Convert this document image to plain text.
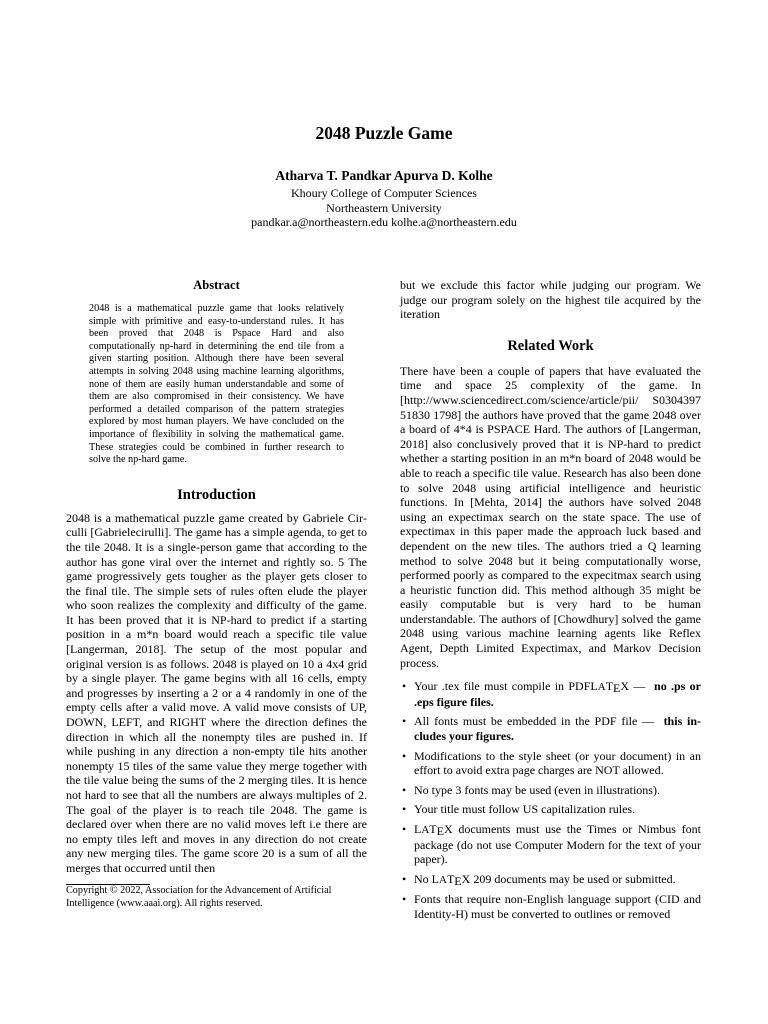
2048 Puzzle Game
Atharva T. Pandkar Apurva D. Kolhe
Khoury College of Computer Sciences
Northeastern University
pandkar.a@northeastern.edu kolhe.a@northeastern.edu
Abstract

2048 is a mathematical puzzle game that looks relatively simple with primitive and easy-to-understand rules. It has been proved that 2048 is Pspace Hard and also computationally np-hard in determining the end tile from a given starting position. Although there have been several attempts in solving 2048 using machine learning algorithms, none of them are easily human understandable and some of them are also compromised in their consistency. We have performed a detailed comparison of the pattern strategies explored by most human players. We have concluded on the importance of flexibility in solving the mathematical game. These strategies could be combined in further research to solve the np-hard game.

Introduction

2048 is a mathematical puzzle game created by Gabriele Circulli [Gabrielecirulli]. The game has a simple agenda, to get to the tile 2048. It is a single-person game that according to the author has gone viral over the internet and rightly so. 5 The game progressively gets tougher as the player gets closer to the final tile. The simple sets of rules often elude the player who soon realizes the complexity and difficulty of the game. It has been proved that it is NP-hard to predict if a starting position in a m*n board would reach a specific tile value [Langerman, 2018]. The setup of the most popular and original version is as follows. 2048 is played on 10 a 4x4 grid by a single player. The game begins with all 16 cells, empty and progresses by inserting a 2 or a 4 randomly in one of the empty cells after a valid move. A valid move consists of UP, DOWN, LEFT, and RIGHT where the direction defines the direction in which all the nonempty tiles are pushed in. If while pushing in any direction a non-empty tile hits another nonempty 15 tiles of the same value they merge together with the tile value being the sums of the 2 merging tiles. It is hence not hard to see that all the numbers are always multiples of 2. The goal of the player is to reach tile 2048. The game is declared over when there are no valid moves left i.e there are no empty tiles left and moves in any direction do not create any new merging tiles. The game score 20 is a sum of all the merges that occurred until then

Copyright © 2022, Association for the Advancement of Artificial Intelligence (www.aaai.org). All rights reserved.

but we exclude this factor while judging our program. We judge our program solely on the highest tile acquired by the iteration

Related Work

There have been a couple of papers that have evaluated the time and space 25 complexity of the game. In [http://www.sciencedirect.com/science/article/pii/ S0304397 51830 1798] the authors have proved that the game 2048 over a board of 4*4 is PSPACE Hard. The authors of [Langerman, 2018] also conclusively proved that it is NP-hard to predict whether a starting position in an m*n board of 2048 would be able to reach a specific tile value. Research has also been done to solve 2048 using artificial intelligence and heuristic functions. In [Mehta, 2014] the authors have solved 2048 using an expectimax search on the state space. The use of expectimax in this paper made the approach luck based and dependent on the new tiles. The authors tried a Q learning method to solve 2048 but it being computationally worse, performed poorly as compared to the expecitmax search using a heuristic function did. This method although 35 might be easily computable but is very hard to be human understandable. The authors of [Chowdhury] solved the game 2048 using various machine learning agents like Reflex Agent, Depth Limited Expectimax, and Markov Decision process.

• Your .tex file must compile in PDFLATEX —  no .ps or .eps figure files.
• All fonts must be embedded in the PDF file — this includes your figures.
• Modifications to the style sheet (or your document) in an effort to avoid extra page charges are NOT allowed.
• No type 3 fonts may be used (even in illustrations).
• Your title must follow US capitalization rules.
• LATEX documents must use the Times or Nimbus font package (do not use Computer Modern for the text of your paper).
• No LATEX 209 documents may be used or submitted.
• Fonts that require non-English language support (CID and Identity-H) must be converted to outlines or removed
